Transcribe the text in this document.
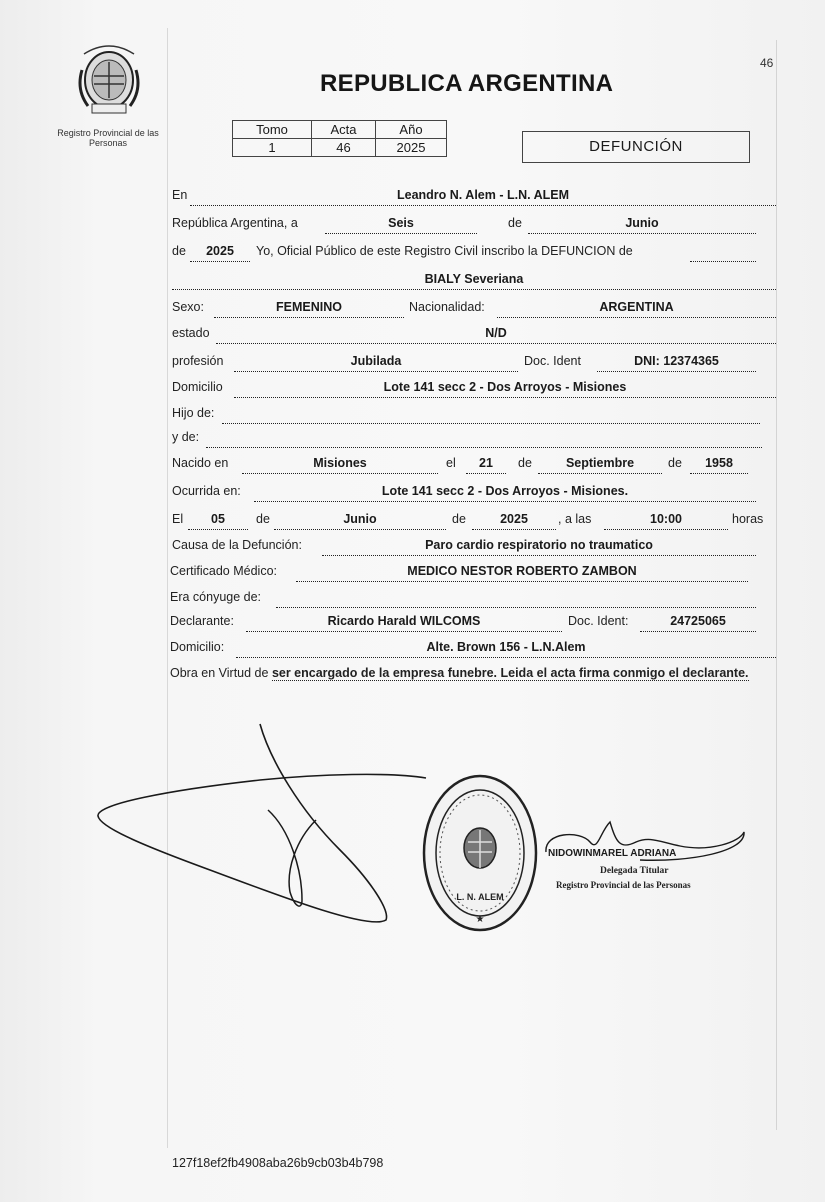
Registro Provincial de las Personas
46
REPUBLICA ARGENTINA
Tomo	Acta	Año
1	46	2025	DEFUNCIÓN
En	Leandro N. Alem - L.N. ALEM
República Argentina, a	Seis	de	Junio
de	2025	Yo, Oficial Público de este Registro Civil inscribo la DEFUNCION de
BIALY Severiana
Sexo:	FEMENINO	Nacionalidad:	ARGENTINA
estado	N/D
profesión	Jubilada	Doc. Ident	DNI: 12374365
Domicilio	Lote 141 secc 2 - Dos Arroyos - Misiones
Hijo de:
y de:
Nacido en	Misiones	el	21	de	Septiembre	de	1958
Ocurrida en:	Lote 141 secc 2 - Dos Arroyos - Misiones.
El	05	de	Junio	de	2025	, a las	10:00	horas
Causa de la Defunción:	Paro cardio respiratorio no traumatico
Certificado Médico:	MEDICO NESTOR ROBERTO ZAMBON
Era cónyuge de:
Declarante:	Ricardo Harald WILCOMS	Doc. Ident:	24725065
Domicilio:	Alte. Brown 156 - L.N.Alem
Obra en Virtud de ser encargado de la empresa funebre. Leida el acta firma conmigo el declarante.
L. N. ALEM
★
NIDOWINMAREL ADRIANA
Delegada Titular
Registro Provincial de las Personas
127f18ef2fb4908aba26b9cb03b4b798
